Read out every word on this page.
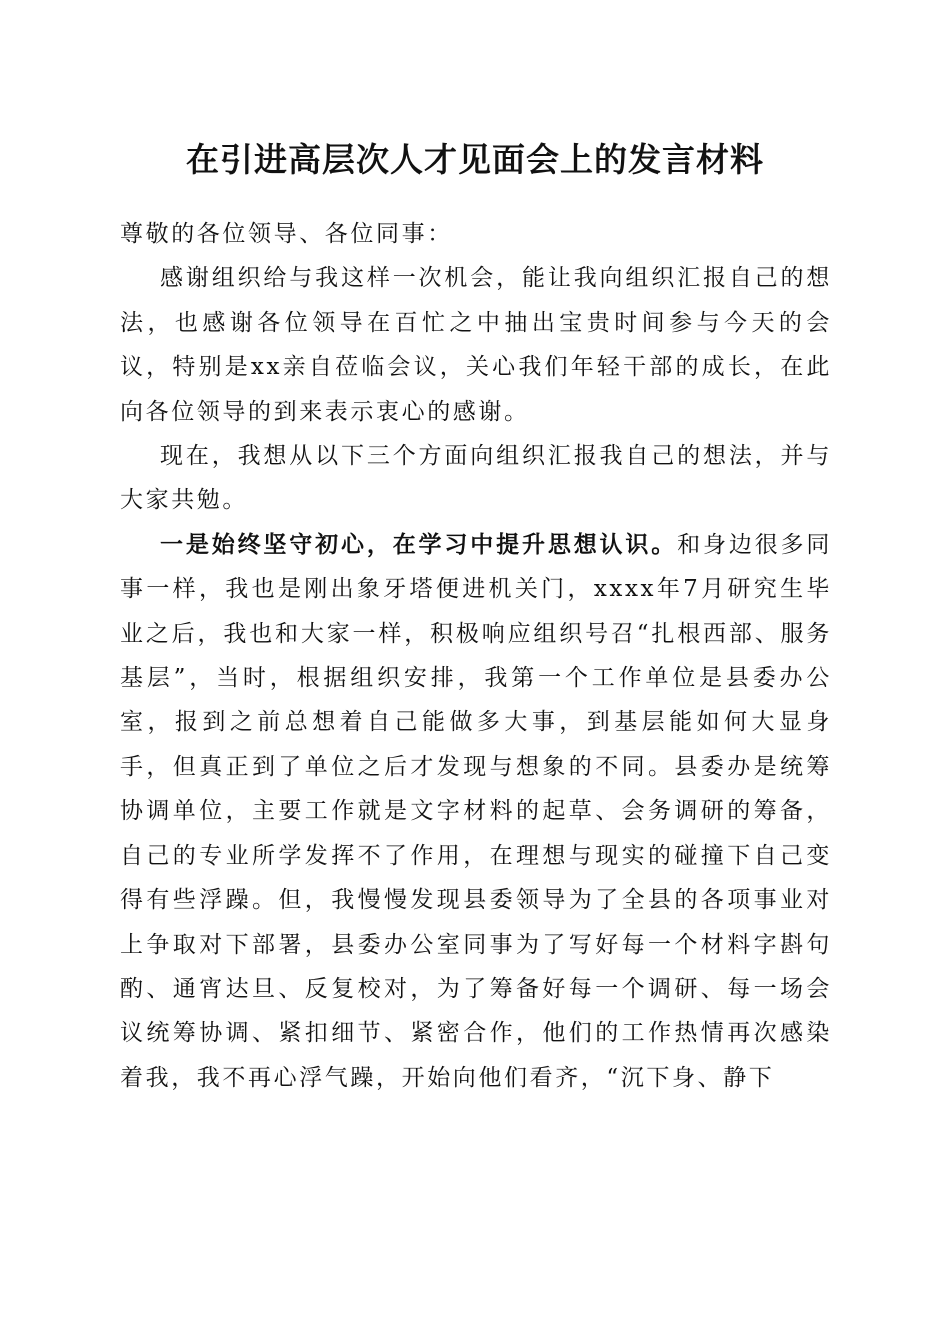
在引进高层次人才见面会上的发言材料

尊敬的各位领导、各位同事：

感谢组织给与我这样一次机会，能让我向组织汇报自己的想法，也感谢各位领导在百忙之中抽出宝贵时间参与今天的会议，特别是xx亲自莅临会议，关心我们年轻干部的成长，在此向各位领导的到来表示衷心的感谢。

现在，我想从以下三个方面向组织汇报我自己的想法，并与大家共勉。

一是始终坚守初心，在学习中提升思想认识。和身边很多同事一样，我也是刚出象牙塔便进机关门，xxxx年7月研究生毕业之后，我也和大家一样，积极响应组织号召“扎根西部、服务基层”，当时，根据组织安排，我第一个工作单位是县委办公室，报到之前总想着自己能做多大事，到基层能如何大显身手，但真正到了单位之后才发现与想象的不同。县委办是统筹协调单位，主要工作就是文字材料的起草、会务调研的筹备，自己的专业所学发挥不了作用，在理想与现实的碰撞下自己变得有些浮躁。但，我慢慢发现县委领导为了全县的各项事业对上争取对下部署，县委办公室同事为了写好每一个材料字斟句酌、通宵达旦、反复校对，为了筹备好每一个调研、每一场会议统筹协调、紧扣细节、紧密合作，他们的工作热情再次感染着我，我不再心浮气躁，开始向他们看齐，“沉下身、静下
